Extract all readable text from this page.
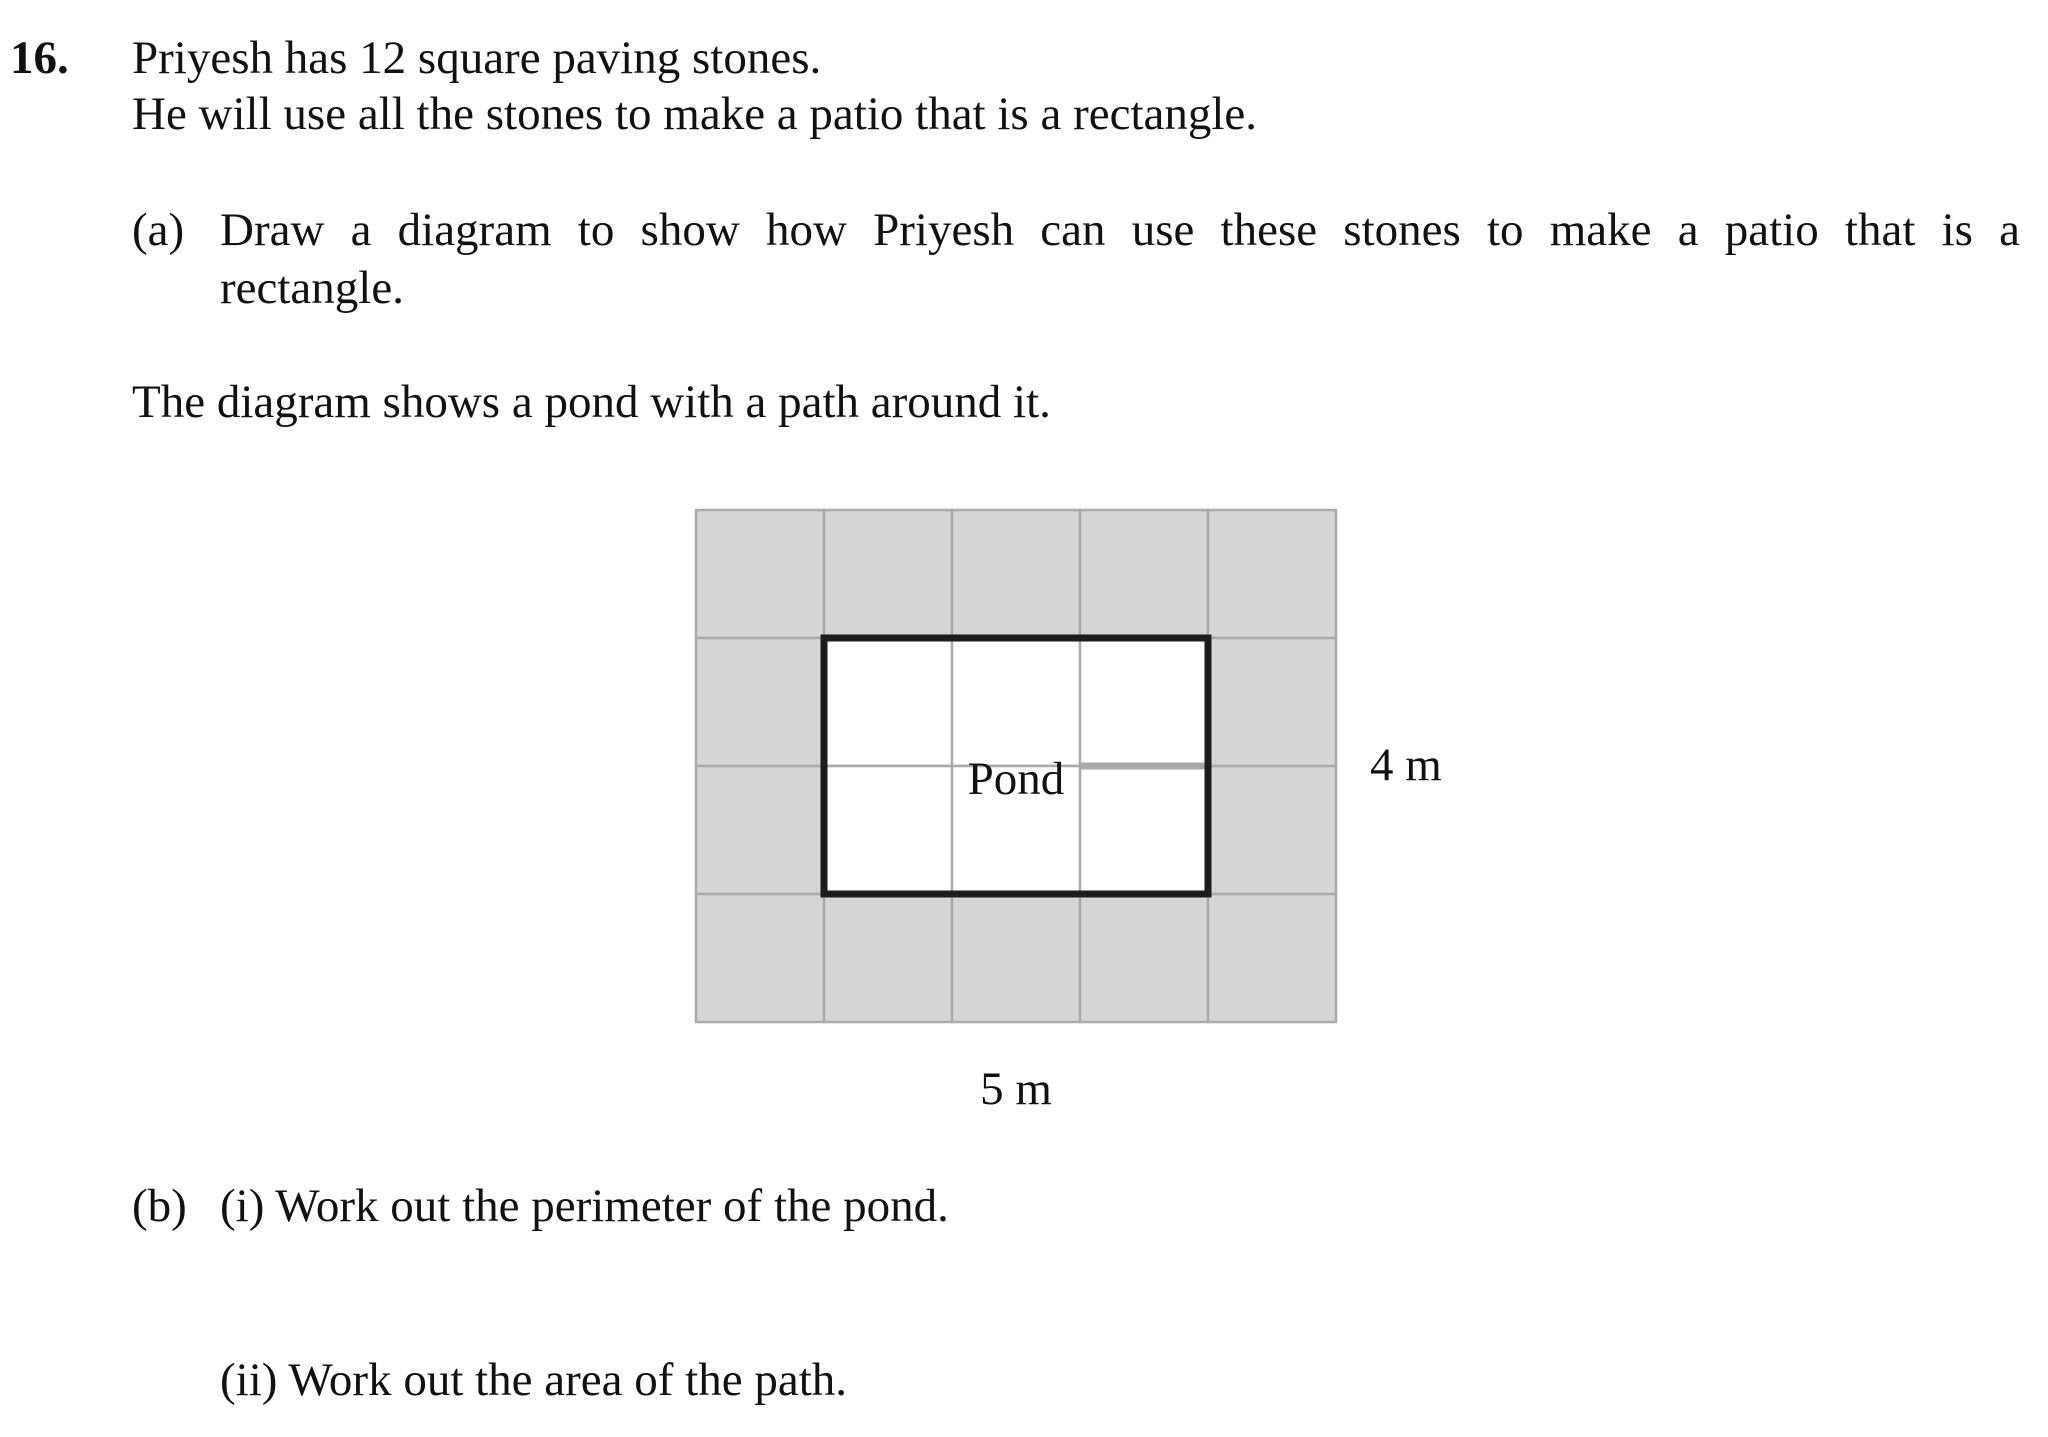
16. Priyesh has 12 square paving stones.
He will use all the stones to make a patio that is a rectangle.
(a) Draw a diagram to show how Priyesh can use these stones to make a patio that is a
rectangle.
The diagram shows a pond with a path around it.
Pond	4 m
5 m
(b) (i) Work out the perimeter of the pond.
(ii) Work out the area of the path.
